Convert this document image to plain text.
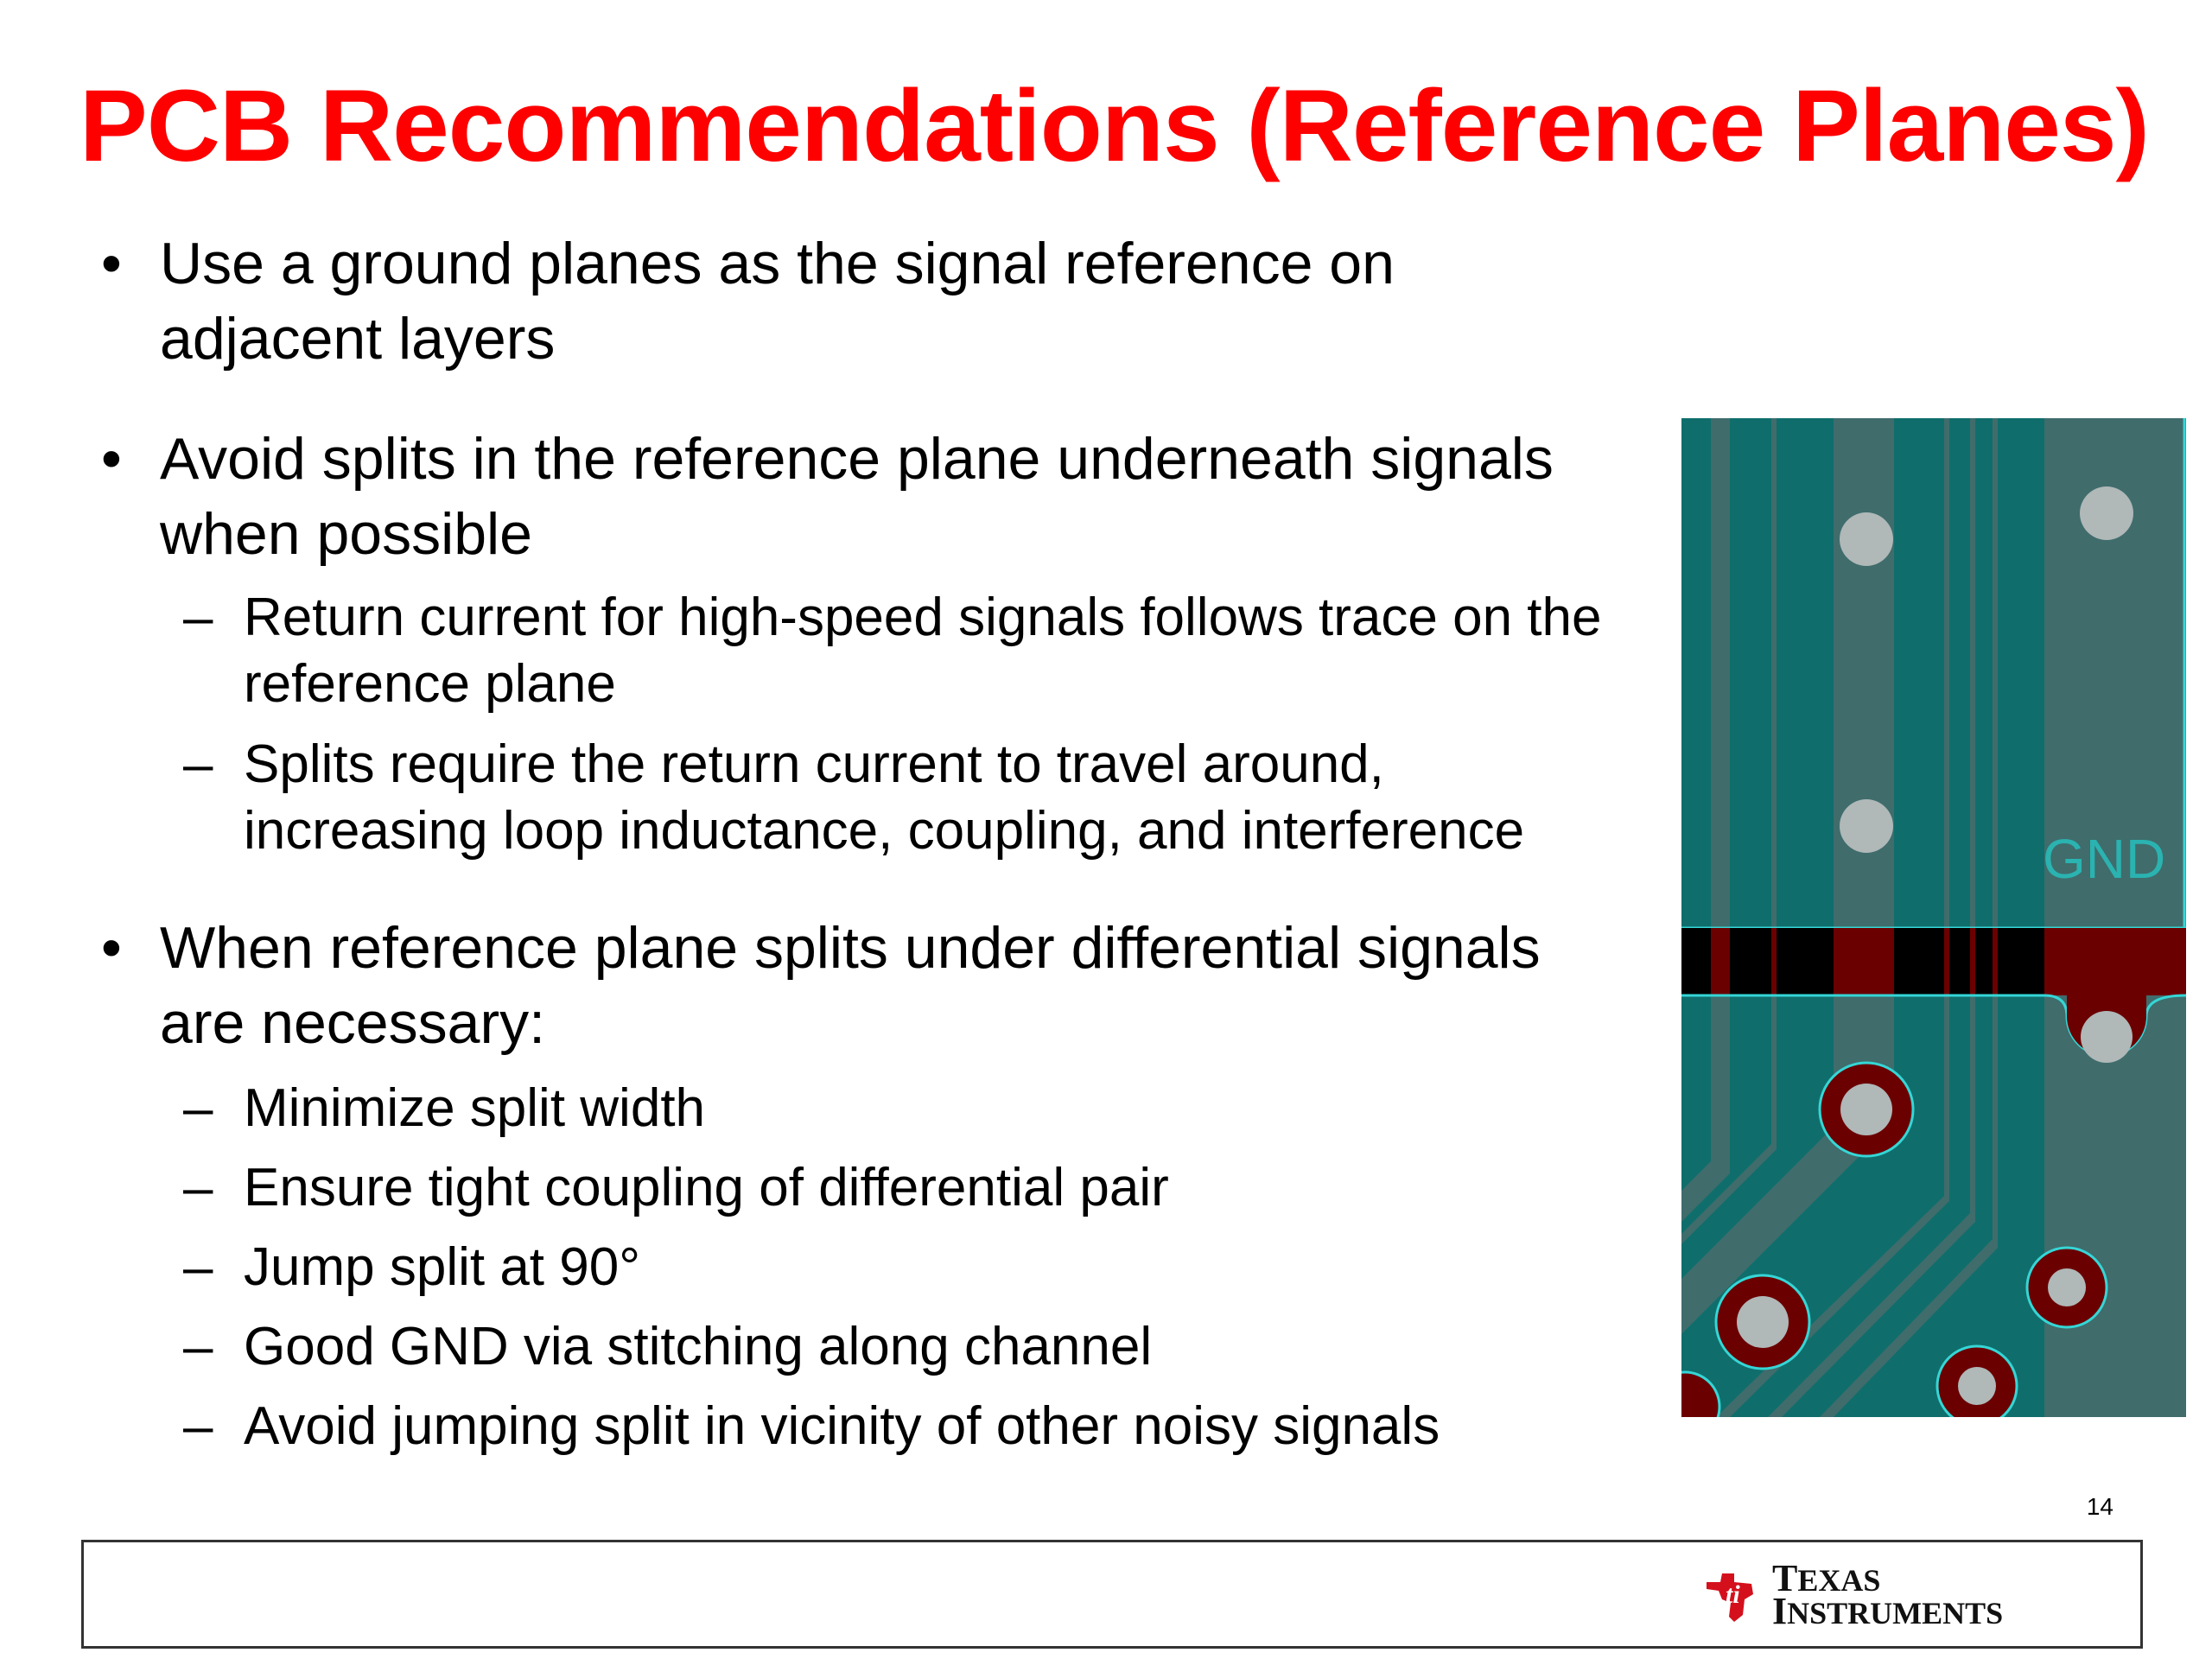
PCB Recommendations (Reference Planes)
• Use a ground planes as the signal reference on
adjacent layers
• Avoid splits in the reference plane underneath signals
when possible
– Return current for high-speed signals follows trace on the
reference plane
– Splits require the return current to travel around,
increasing loop inductance, coupling, and interference
• When reference plane splits under differential signals
are necessary:
– Minimize split width
– Ensure tight coupling of differential pair
– Jump split at 90°
– Good GND via stitching along channel
– Avoid jumping split in vicinity of other noisy signals
GND
14
ti TEXAS
INSTRUMENTS
